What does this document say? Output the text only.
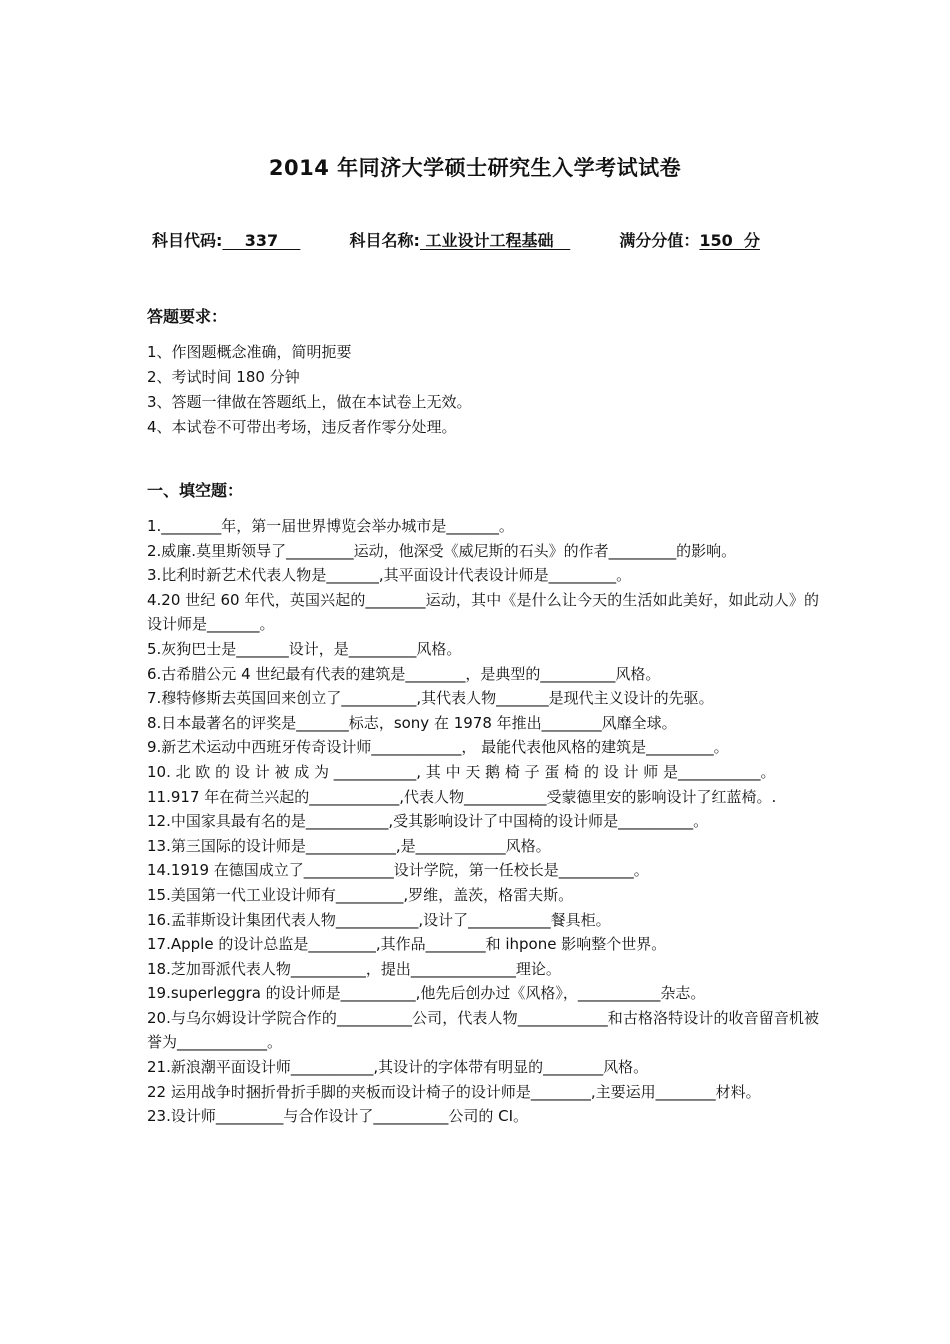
2014 年同济大学硕士研究生入学考试试卷
科目代码:    337	科目名称: 工业设计工程基础	满分分值：150  分
答题要求：
1、作图题概念准确，简明扼要
2、考试时间 180 分钟
3、答题一律做在答题纸上，做在本试卷上无效。
4、本试卷不可带出考场，违反者作零分处理。
一、填空题：
1.________年，第一届世界博览会举办城市是_______。
2.威廉.莫里斯领导了_________运动，他深受《威尼斯的石头》的作者_________的影响。
3.比利时新艺术代表人物是_______,其平面设计代表设计师是_________。
4.20 世纪 60 年代，英国兴起的________运动，其中《是什么让今天的生活如此美好，如此动人》的设计师是_______。
5.灰狗巴士是_______设计，是_________风格。
6.古希腊公元 4 世纪最有代表的建筑是________，是典型的__________风格。
7.穆特修斯去英国回来创立了__________,其代表人物_______是现代主义设计的先驱。
8.日本最著名的评奖是_______标志，sony 在 1978 年推出________风靡全球。
9.新艺术运动中西班牙传奇设计师____________， 最能代表他风格的建筑是_________。
10. 北 欧 的 设 计 被 成 为 ___________, 其 中 天 鹅 椅 子 蛋 椅 的 设 计 师 是___________。
11.917 年在荷兰兴起的____________,代表人物___________受蒙德里安的影响设计了红蓝椅。.
12.中国家具最有名的是___________,受其影响设计了中国椅的设计师是__________。
13.第三国际的设计师是____________,是____________风格。
14.1919 在德国成立了____________设计学院，第一任校长是__________。
15.美国第一代工业设计师有_________,罗维，盖茨，格雷夫斯。
16.孟菲斯设计集团代表人物___________,设计了___________餐具柜。
17.Apple 的设计总监是_________,其作品________和 ihpone 影响整个世界。
18.芝加哥派代表人物__________，提出______________理论。
19.superleggra 的设计师是__________,他先后创办过《风格》，___________杂志。
20.与乌尔姆设计学院合作的__________公司，代表人物____________和古格洛特设计的收音留音机被誉为____________。
21.新浪潮平面设计师___________,其设计的字体带有明显的________风格。
22 运用战争时捆折骨折手脚的夹板而设计椅子的设计师是________,主要运用________材料。
23.设计师_________与合作设计了__________公司的 CI。
